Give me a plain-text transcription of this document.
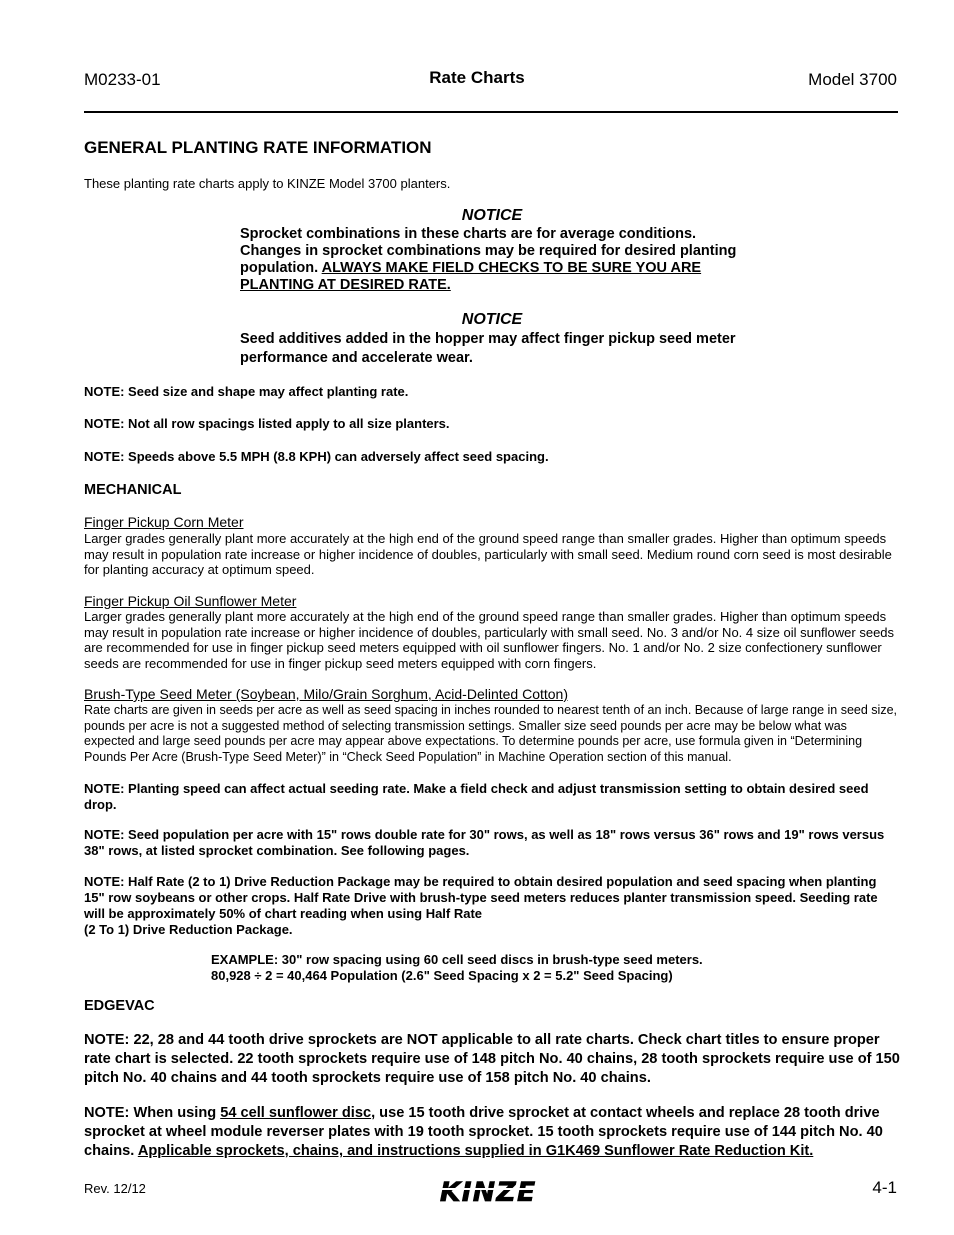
M0233-01	Rate Charts	Model 3700
GENERAL PLANTING RATE INFORMATION
These planting rate charts apply to KINZE Model 3700 planters.
NOTICE
Sprocket combinations in these charts are for average conditions. Changes in sprocket combinations may be required for desired planting population. ALWAYS MAKE FIELD CHECKS TO BE SURE YOU ARE PLANTING AT DESIRED RATE.
NOTICE
Seed additives added in the hopper may affect finger pickup seed meter performance and accelerate wear.
NOTE: Seed size and shape may affect planting rate.
NOTE: Not all row spacings listed apply to all size planters.
NOTE: Speeds above 5.5 MPH (8.8 KPH) can adversely affect seed spacing.
MECHANICAL
Finger Pickup Corn Meter
Larger grades generally plant more accurately at the high end of the ground speed range than smaller grades. Higher than optimum speeds may result in population rate increase or higher incidence of doubles, particularly with small seed. Medium round corn seed is most desirable for planting accuracy at optimum speed.
Finger Pickup Oil Sunflower Meter
Larger grades generally plant more accurately at the high end of the ground speed range than smaller grades. Higher than optimum speeds may result in population rate increase or higher incidence of doubles, particularly with small seed. No. 3 and/or No. 4 size oil sunflower seeds are recommended for use in finger pickup seed meters equipped with oil sunflower fingers. No. 1 and/or No. 2 size confectionery sunflower seeds are recommended for use in finger pickup seed meters equipped with corn fingers.
Brush-Type Seed Meter (Soybean, Milo/Grain Sorghum, Acid-Delinted Cotton)
Rate charts are given in seeds per acre as well as seed spacing in inches rounded to nearest tenth of an inch. Because of large range in seed size, pounds per acre is not a suggested method of selecting transmission settings. Smaller size seed pounds per acre may be below what was expected and large seed pounds per acre may appear above expectations. To determine pounds per acre, use formula given in “Determining Pounds Per Acre (Brush-Type Seed Meter)” in “Check Seed Population” in Machine Operation section of this manual.
NOTE: Planting speed can affect actual seeding rate. Make a field check and adjust transmission setting to obtain desired seed drop.
NOTE: Seed population per acre with 15" rows double rate for 30" rows, as well as 18" rows versus 36" rows and 19" rows versus 38" rows, at listed sprocket combination. See following pages.
NOTE: Half Rate (2 to 1) Drive Reduction Package may be required to obtain desired population and seed spacing when planting 15" row soybeans or other crops. Half Rate Drive with brush-type seed meters reduces planter transmission speed. Seeding rate will be approximately 50% of chart reading when using Half Rate
(2 To 1) Drive Reduction Package.
EXAMPLE: 30" row spacing using 60 cell seed discs in brush-type seed meters.
80,928 ÷ 2 = 40,464 Population (2.6" Seed Spacing x 2 = 5.2" Seed Spacing)
EDGEVAC
NOTE: 22, 28 and 44 tooth drive sprockets are NOT applicable to all rate charts. Check chart titles to ensure proper rate chart is selected. 22 tooth sprockets require use of 148 pitch No. 40 chains, 28 tooth sprockets require use of 150 pitch No. 40 chains and 44 tooth sprockets require use of 158 pitch No. 40 chains.
NOTE: When using 54 cell sunflower disc, use 15 tooth drive sprocket at contact wheels and replace 28 tooth drive sprocket at wheel module reverser plates with 19 tooth sprocket. 15 tooth sprockets require use of 144 pitch No. 40 chains. Applicable sprockets, chains, and instructions supplied in G1K469 Sunflower Rate Reduction Kit.
Rev. 12/12	KINZE	4-1
